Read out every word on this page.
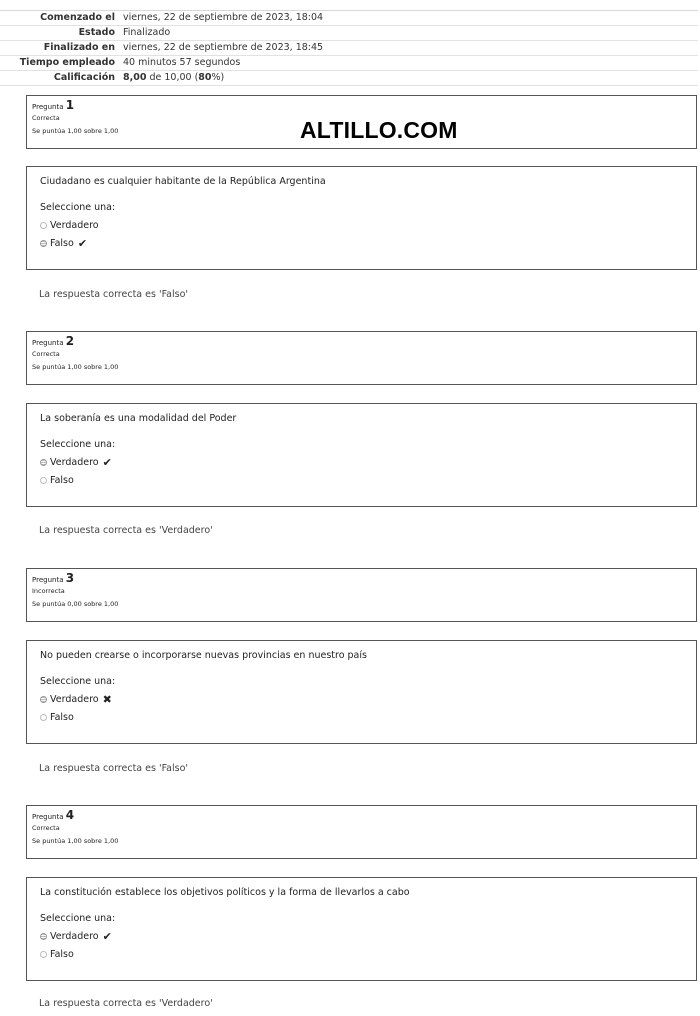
Comenzado el viernes, 22 de septiembre de 2023, 18:04
Estado Finalizado
Finalizado en viernes, 22 de septiembre de 2023, 18:45
Tiempo empleado 40 minutos 57 segundos
Calificación 8,00 de 10,00 (80%)
ALTILLO.COM
Pregunta 1
Correcta
Se puntúa 1,00 sobre 1,00
Ciudadano es cualquier habitante de la República Argentina
Seleccione una:
Verdadero
Falso ✔
La respuesta correcta es 'Falso'
Pregunta 2
Correcta
Se puntúa 1,00 sobre 1,00
La soberanía es una modalidad del Poder
Seleccione una:
Verdadero ✔
Falso
La respuesta correcta es 'Verdadero'
Pregunta 3
Incorrecta
Se puntúa 0,00 sobre 1,00
No pueden crearse o incorporarse nuevas provincias en nuestro país
Seleccione una:
Verdadero ✖
Falso
La respuesta correcta es 'Falso'
Pregunta 4
Correcta
Se puntúa 1,00 sobre 1,00
La constitución establece los objetivos políticos y la forma de llevarlos a cabo
Seleccione una:
Verdadero ✔
Falso
La respuesta correcta es 'Verdadero'
